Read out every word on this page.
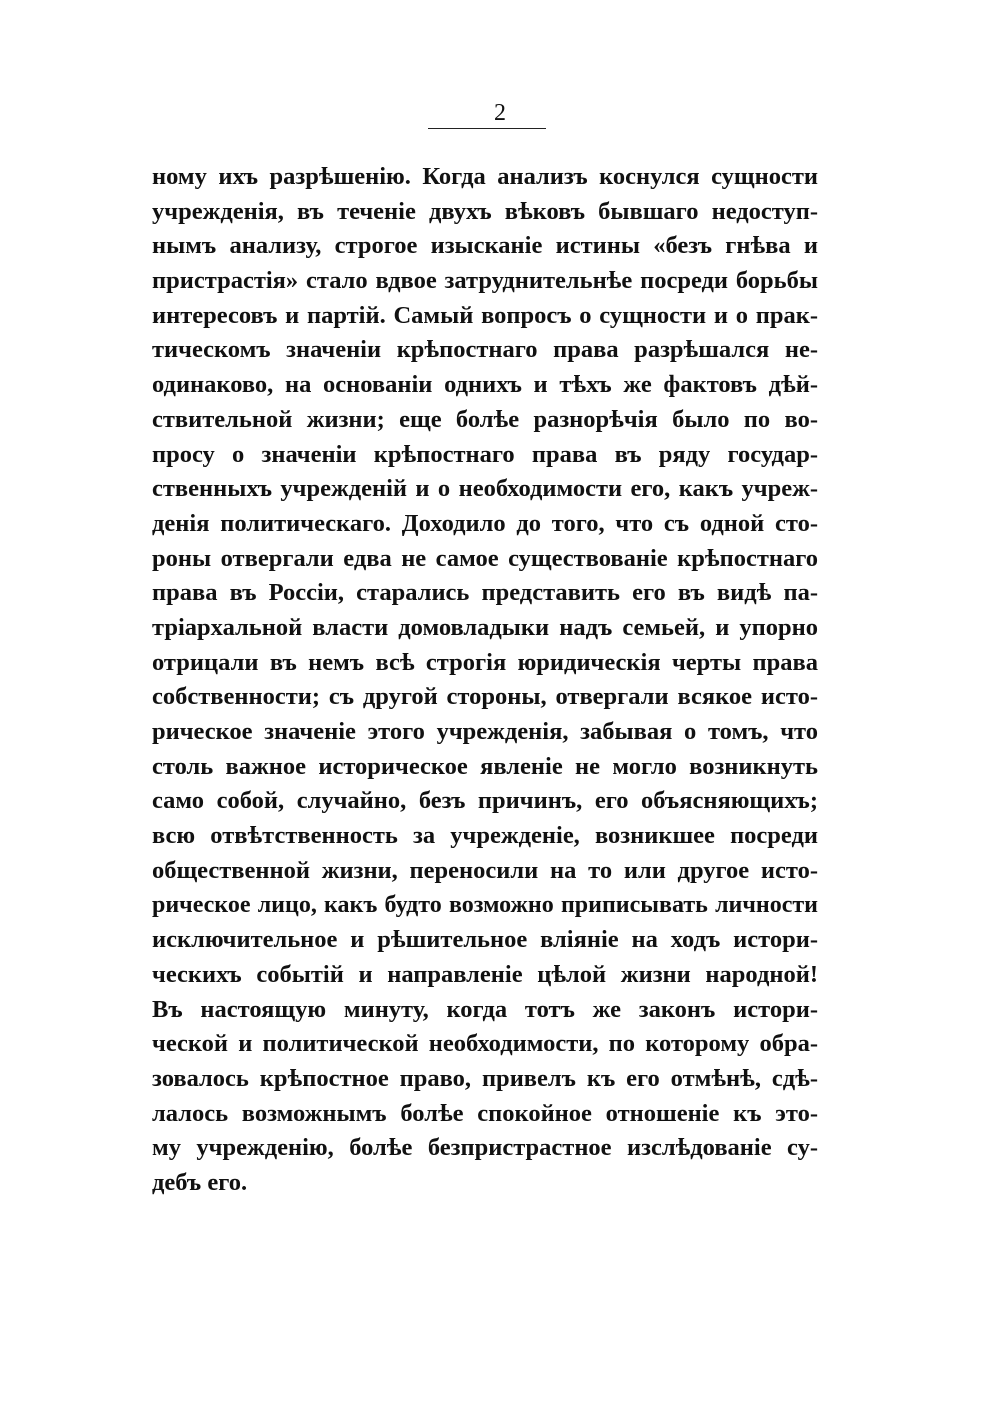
2
ному ихъ разрѣшенію. Когда анализъ коснулся сущности
учрежденія, въ теченіе двухъ вѣковъ бывшаго недоступ-
нымъ анализу, строгое изысканіе истины «безъ гнѣва и
пристрастія» стало вдвое затруднительнѣе посреди борьбы
интересовъ и партій. Самый вопросъ о сущности и о прак-
тическомъ значеніи крѣпостнаго права разрѣшался не-
одинаково, на основаніи однихъ и тѣхъ же фактовъ дѣй-
ствительной жизни; еще болѣе разнорѣчія было по во-
просу о значеніи крѣпостнаго права въ ряду государ-
ственныхъ учрежденій и о необходимости его, какъ учреж-
денія политическаго. Доходило до того, что съ одной сто-
роны отвергали едва не самое существованіе крѣпостнаго
права въ Россіи, старались представить его въ видѣ па-
тріархальной власти домовладыки надъ семьей, и упорно
отрицали въ немъ всѣ строгія юридическія черты права
собственности; съ другой стороны, отвергали всякое исто-
рическое значеніе этого учрежденія, забывая о томъ, что
столь важное историческое явленіе не могло возникнуть
само собой, случайно, безъ причинъ, его объясняющихъ;
всю отвѣтственность за учрежденіе, возникшее посреди
общественной жизни, переносили на то или другое исто-
рическое лицо, какъ будто возможно приписывать личности
исключительное и рѣшительное вліяніе на ходъ истори-
ческихъ событій и направленіе цѣлой жизни народной!
Въ настоящую минуту, когда тотъ же законъ истори-
ческой и политической необходимости, по которому обра-
зовалось крѣпостное право, привелъ къ его отмѣнѣ, сдѣ-
лалось возможнымъ болѣе спокойное отношеніе къ это-
му учрежденію, болѣе безпристрастное изслѣдованіе су-
дебъ его.
